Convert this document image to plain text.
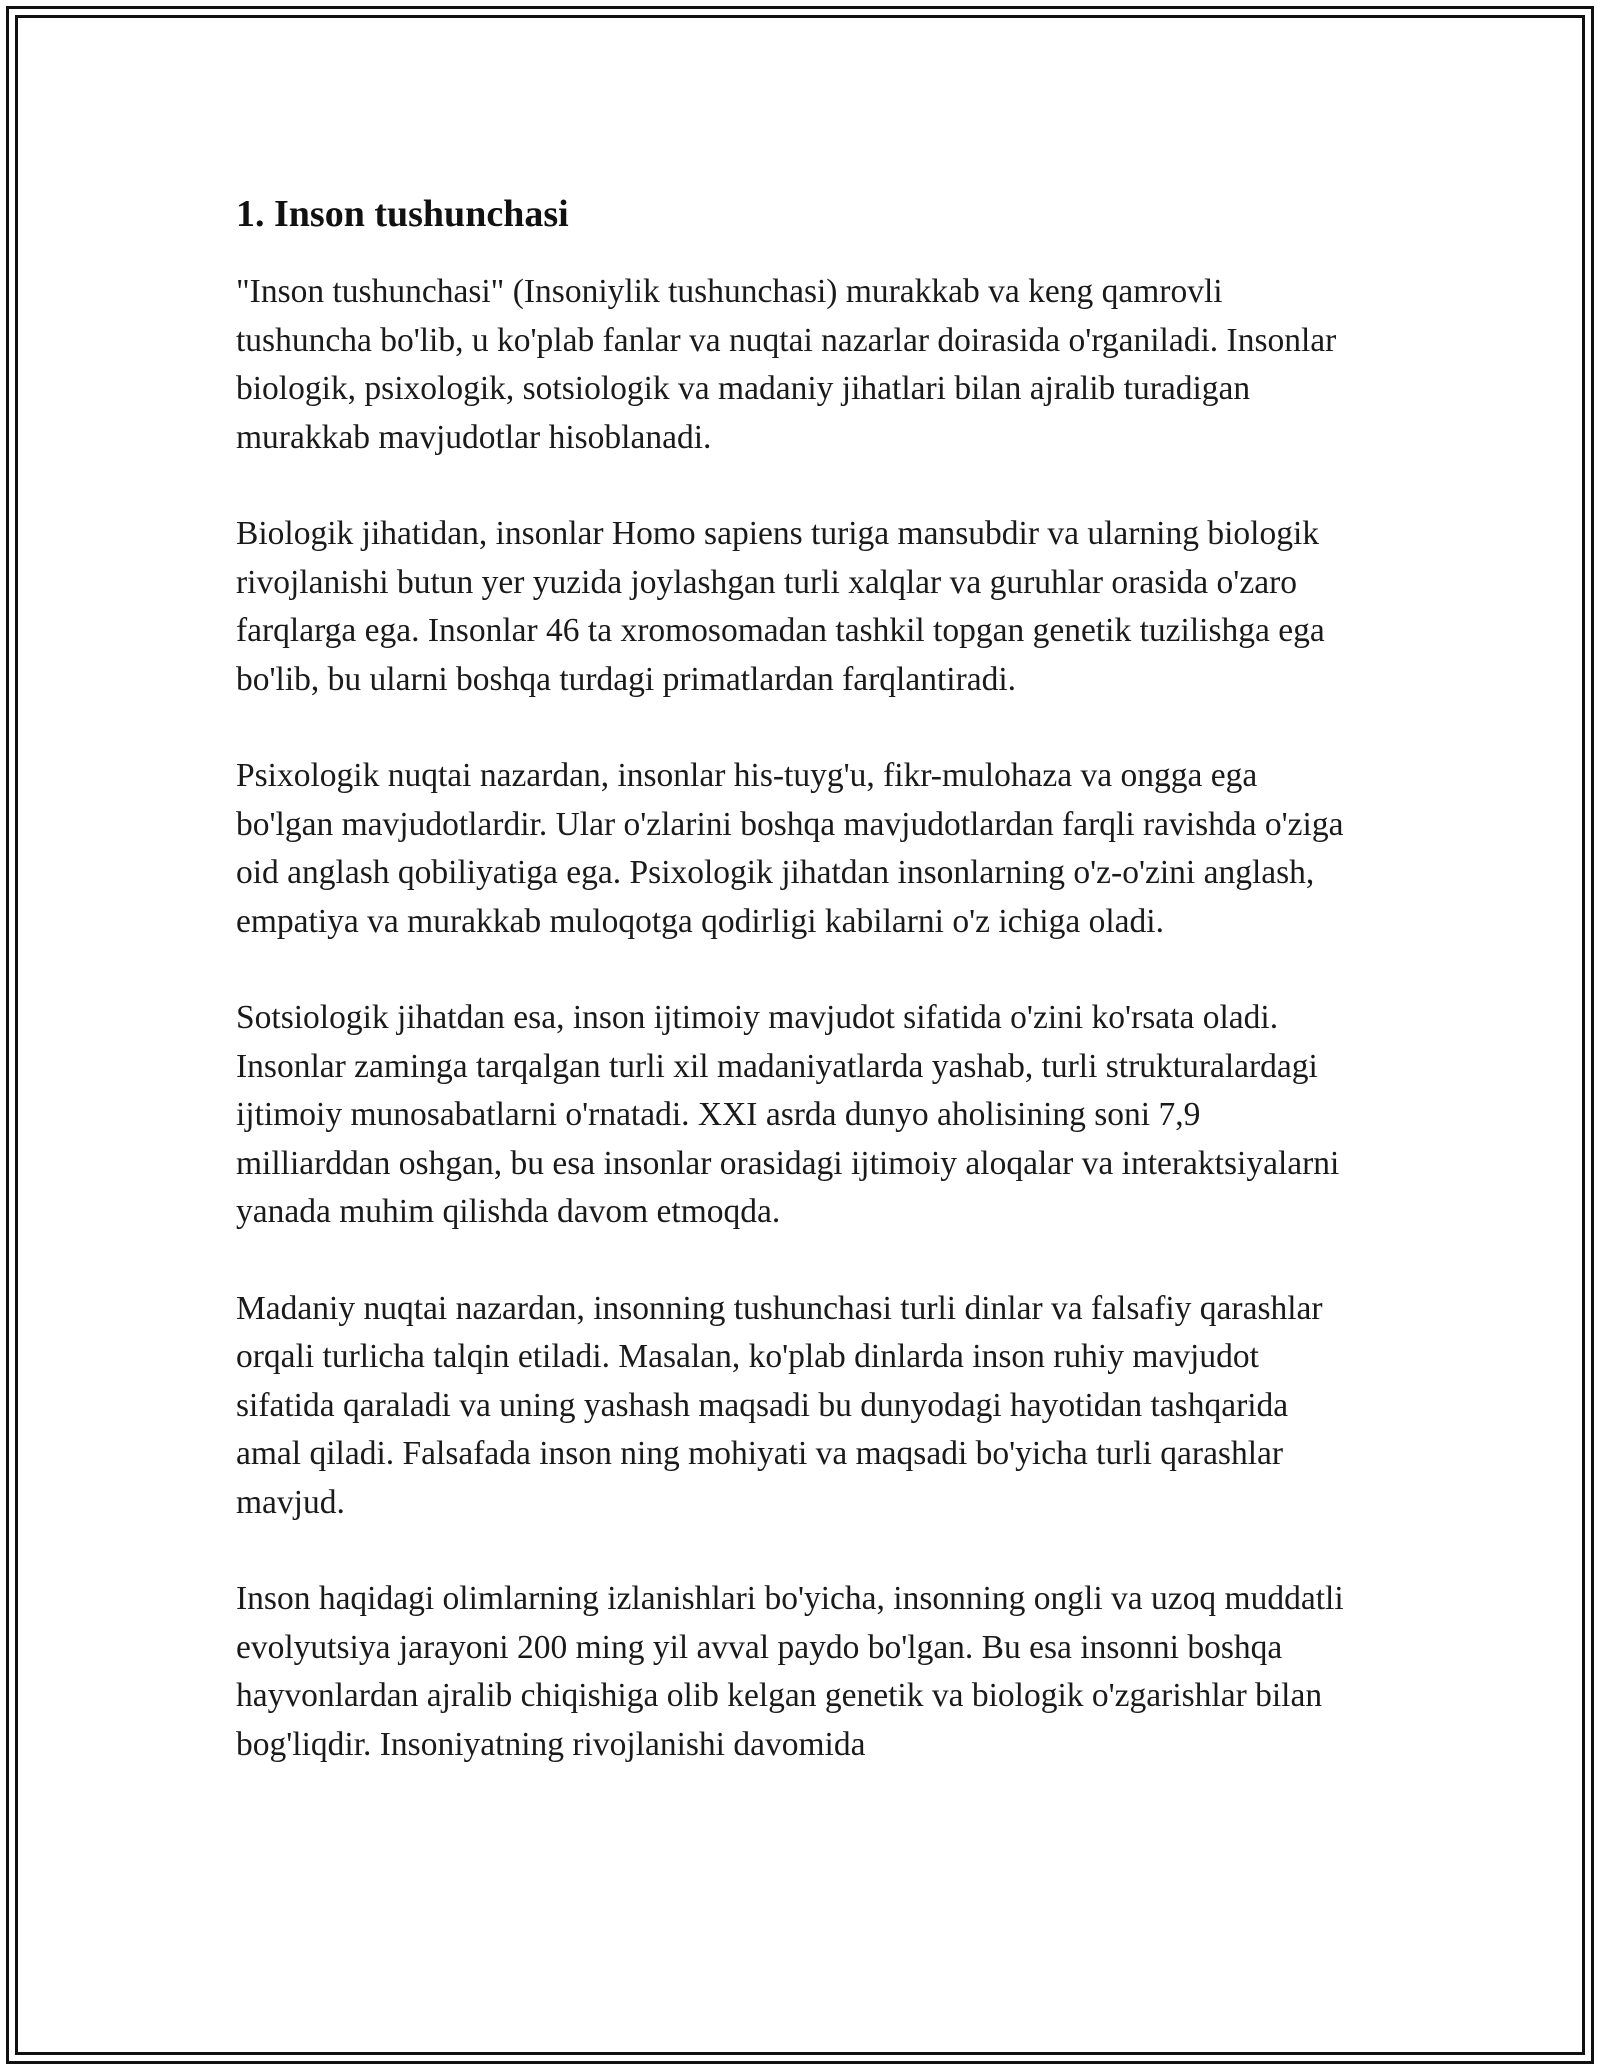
1. Inson tushunchasi

"Inson tushunchasi" (Insoniylik tushunchasi) murakkab va keng qamrovli tushuncha bo'lib, u ko'plab fanlar va nuqtai nazarlar doirasida o'rganiladi. Insonlar biologik, psixologik, sotsiologik va madaniy jihatlari bilan ajralib turadigan murakkab mavjudotlar hisoblanadi.

Biologik jihatidan, insonlar Homo sapiens turiga mansubdir va ularning biologik rivojlanishi butun yer yuzida joylashgan turli xalqlar va guruhlar orasida o'zaro farqlarga ega. Insonlar 46 ta xromosomadan tashkil topgan genetik tuzilishga ega bo'lib, bu ularni boshqa turdagi primatlardan farqlantiradi.

Psixologik nuqtai nazardan, insonlar his-tuyg'u, fikr-mulohaza va ongga ega bo'lgan mavjudotlardir. Ular o'zlarini boshqa mavjudotlardan farqli ravishda o'ziga oid anglash qobiliyatiga ega. Psixologik jihatdan insonlarning o'z-o'zini anglash, empatiya va murakkab muloqotga qodirligi kabilarni o'z ichiga oladi.

Sotsiologik jihatdan esa, inson ijtimoiy mavjudot sifatida o'zini ko'rsata oladi. Insonlar zaminga tarqalgan turli xil madaniyatlarda yashab, turli strukturalardagi ijtimoiy munosabatlarni o'rnatadi. XXI asrda dunyo aholisining soni 7,9 milliarddan oshgan, bu esa insonlar orasidagi ijtimoiy aloqalar va interaktsiyalarni yanada muhim qilishda davom etmoqda.

Madaniy nuqtai nazardan, insonning tushunchasi turli dinlar va falsafiy qarashlar orqali turlicha talqin etiladi. Masalan, ko'plab dinlarda inson ruhiy mavjudot sifatida qaraladi va uning yashash maqsadi bu dunyodagi hayotidan tashqarida amal qiladi. Falsafada inson ning mohiyati va maqsadi bo'yicha turli qarashlar mavjud.

Inson haqidagi olimlarning izlanishlari bo'yicha, insonning ongli va uzoq muddatli evolyutsiya jarayoni 200 ming yil avval paydo bo'lgan. Bu esa insonni boshqa hayvonlardan ajralib chiqishiga olib kelgan genetik va biologik o'zgarishlar bilan bog'liqdir. Insoniyatning rivojlanishi davomida
